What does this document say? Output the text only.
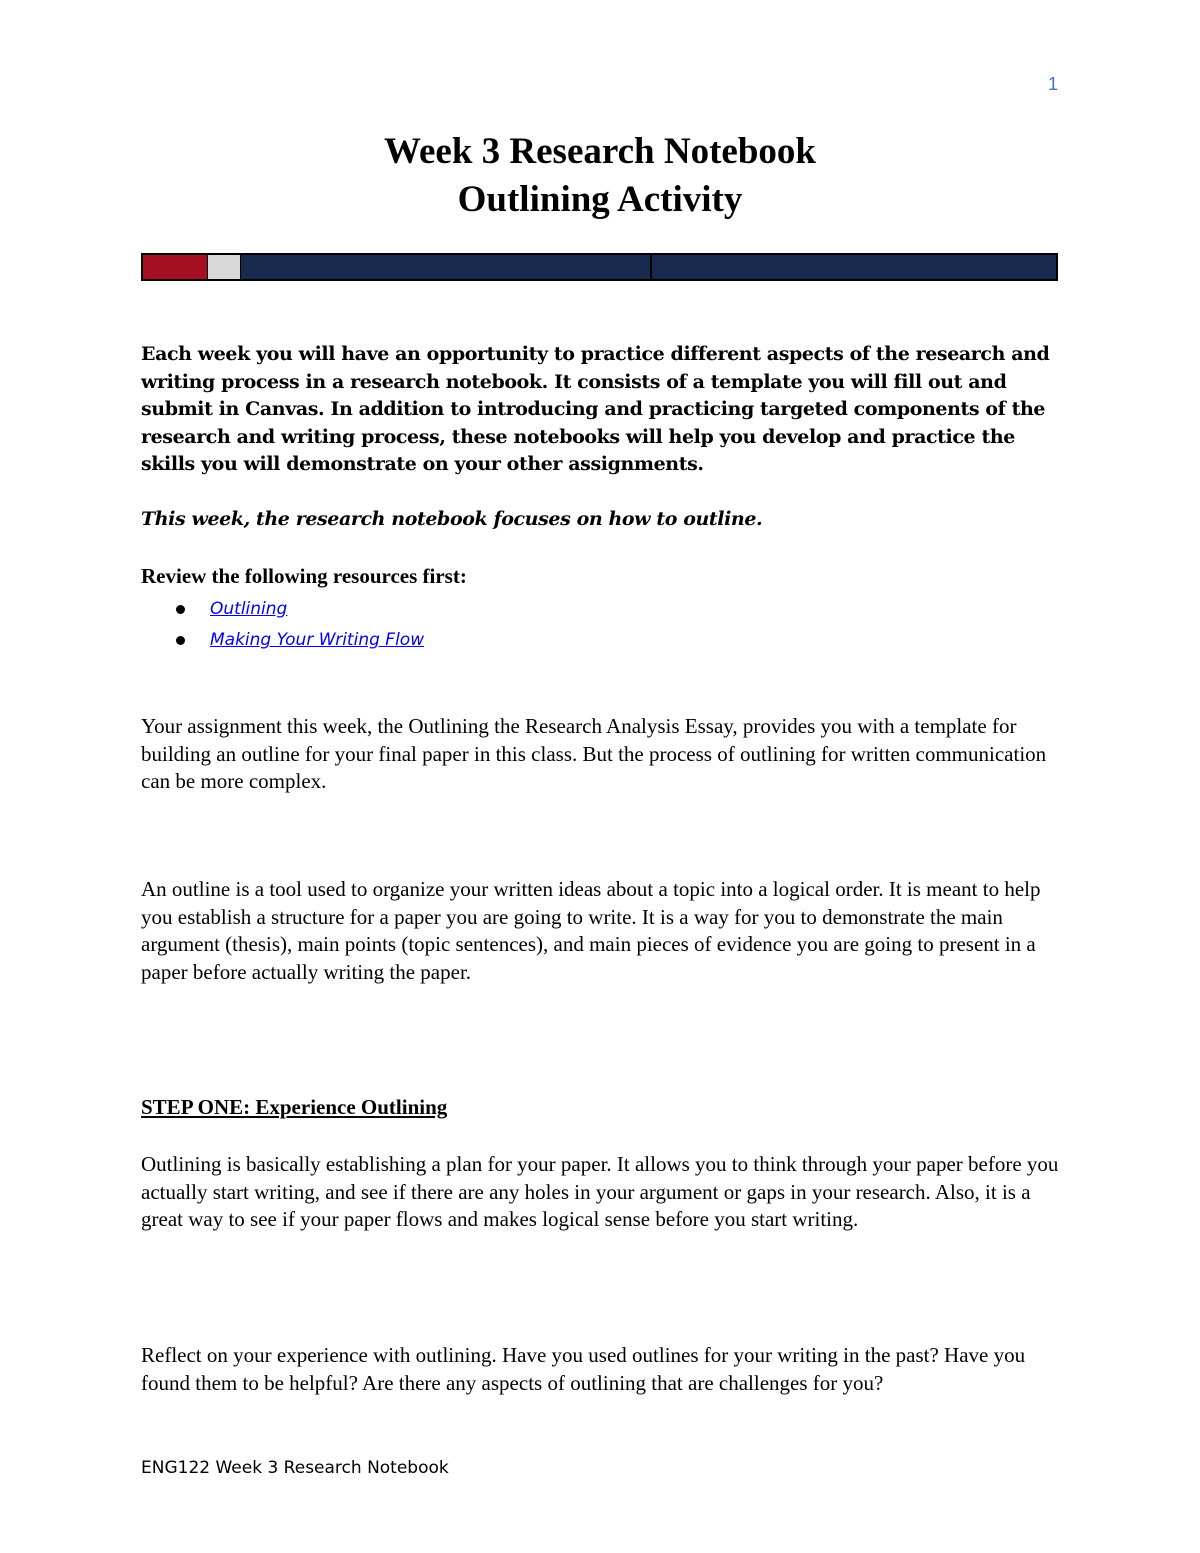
1
Week 3 Research Notebook
Outlining Activity

Each week you will have an opportunity to practice different aspects of the research and writing process in a research notebook. It consists of a template you will fill out and submit in Canvas. In addition to introducing and practicing targeted components of the research and writing process, these notebooks will help you develop and practice the skills you will demonstrate on your other assignments.

This week, the research notebook focuses on how to outline.

Review the following resources first:

Outlining
Making Your Writing Flow

Your assignment this week, the Outlining the Research Analysis Essay, provides you with a template for building an outline for your final paper in this class. But the process of outlining for written communication can be more complex.

An outline is a tool used to organize your written ideas about a topic into a logical order. It is meant to help you establish a structure for a paper you are going to write. It is a way for you to demonstrate the main argument (thesis), main points (topic sentences), and main pieces of evidence you are going to present in a paper before actually writing the paper.

STEP ONE: Experience Outlining

Outlining is basically establishing a plan for your paper. It allows you to think through your paper before you actually start writing, and see if there are any holes in your argument or gaps in your research. Also, it is a great way to see if your paper flows and makes logical sense before you start writing.

Reflect on your experience with outlining. Have you used outlines for your writing in the past? Have you found them to be helpful? Are there any aspects of outlining that are challenges for you?

ENG122 Week 3 Research Notebook
